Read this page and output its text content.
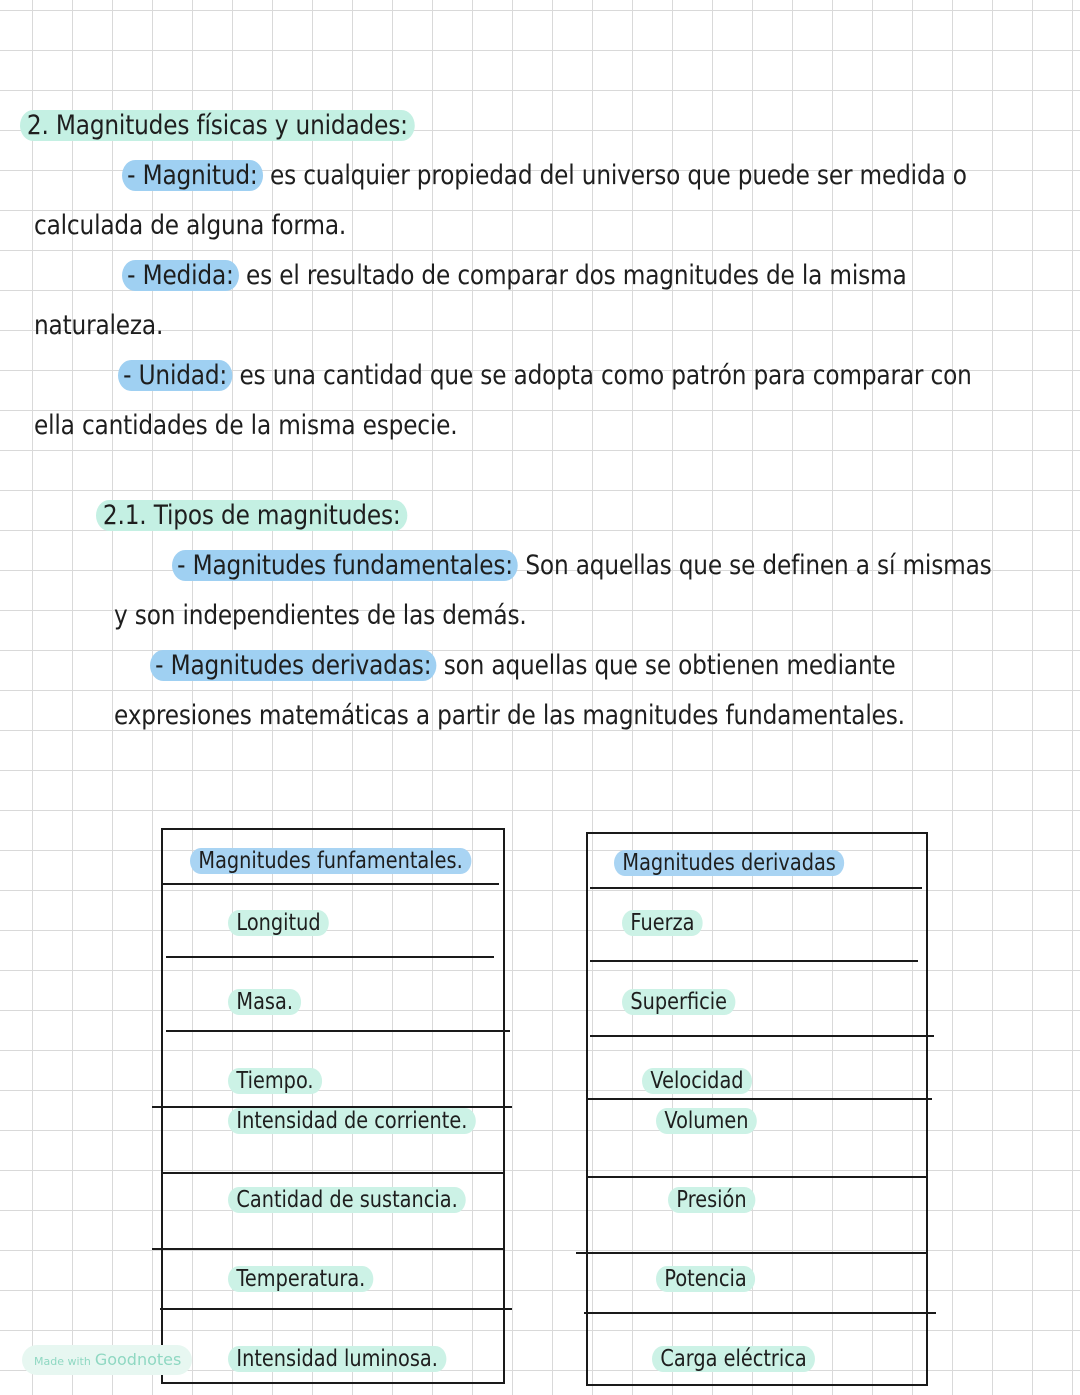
2. Magnitudes físicas y unidades:
- Magnitud: es cualquier propiedad del universo que puede ser medida o
calculada de alguna forma.
- Medida: es el resultado de comparar dos magnitudes de la misma
naturaleza.
- Unidad: es una cantidad que se adopta como patrón para comparar con
ella cantidades de la misma especie.
2.1. Tipos de magnitudes:
- Magnitudes fundamentales: Son aquellas que se definen a sí mismas
y son independientes de las demás.
- Magnitudes derivadas: son aquellas que se obtienen mediante
expresiones matemáticas a partir de las magnitudes fundamentales.
Magnitudes funfamentales.
Longitud
Masa.
Tiempo.
Intensidad de corriente.
Cantidad de sustancia.
Temperatura.
Intensidad luminosa.
Magnitudes derivadas
Fuerza
Superficie
Velocidad
Volumen
Presión
Potencia
Carga eléctrica
Made with Goodnotes
